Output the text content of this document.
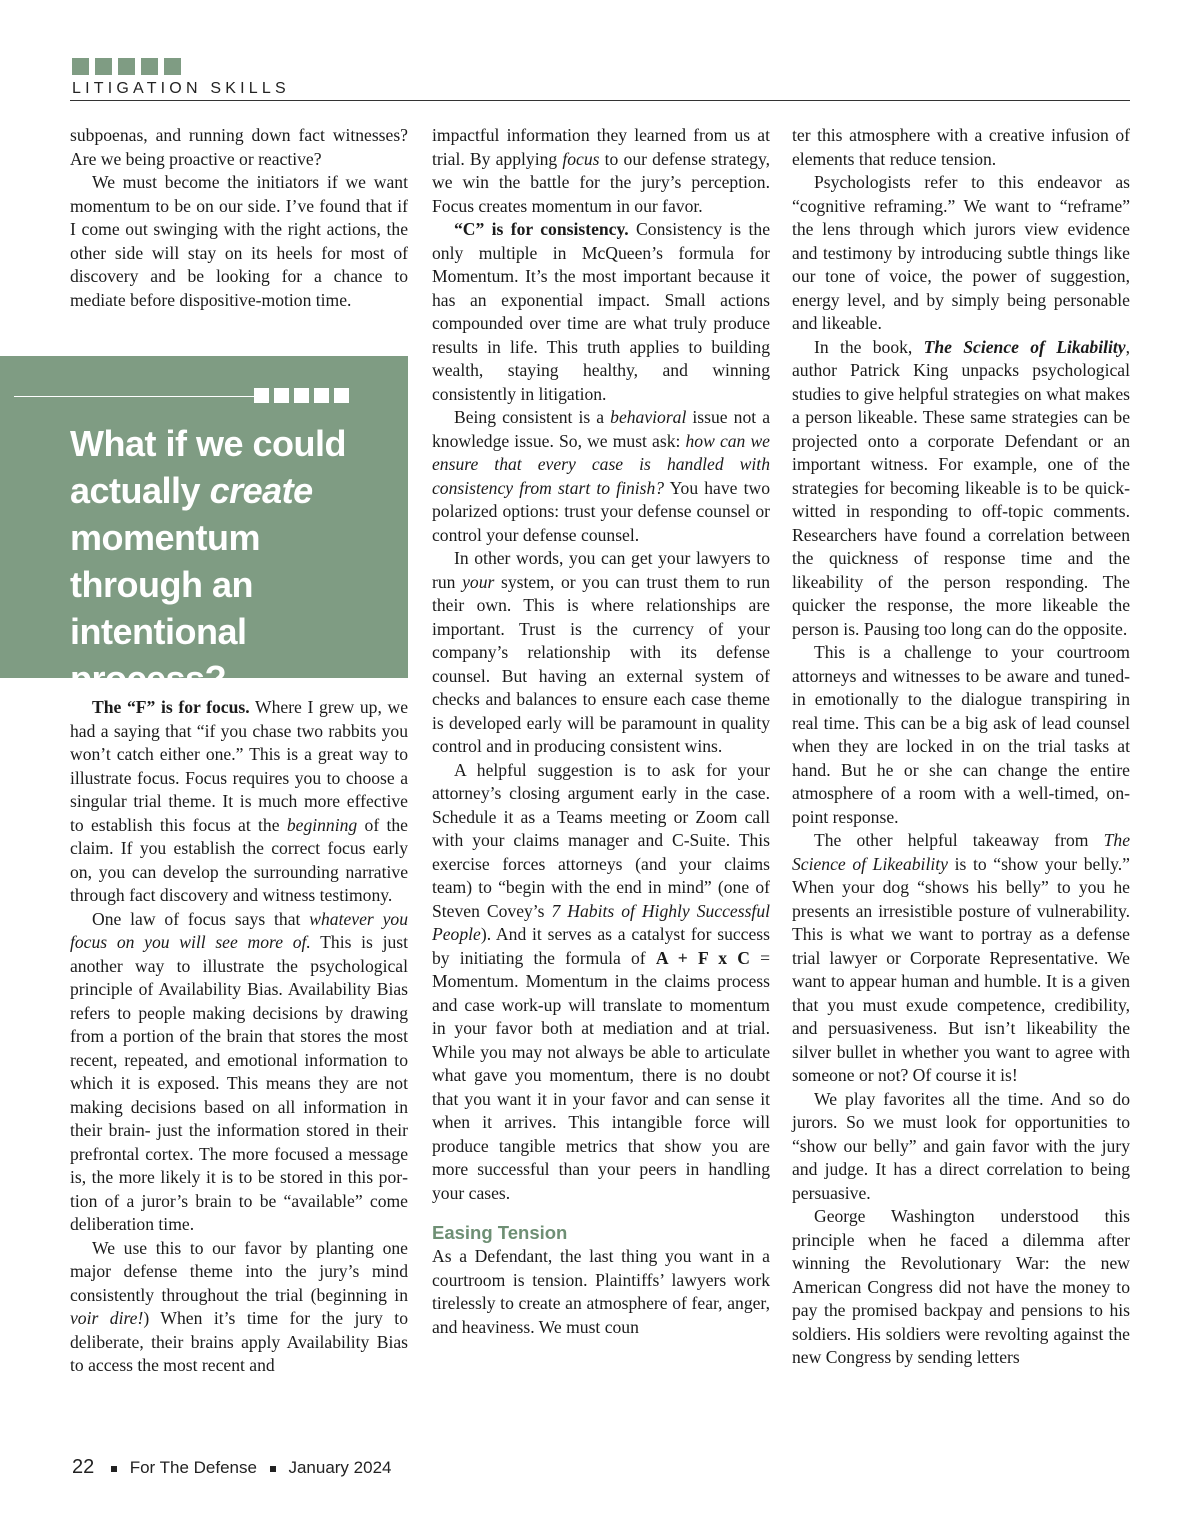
LITIGATION SKILLS

subpoenas, and running down fact witnesses? Are we being proactive or reactive?

We must become the initiators if we want momentum to be on our side. I’ve found that if I come out swinging with the right actions, the other side will stay on its heels for most of discovery and be looking for a chance to mediate before dispositive-motion time.

The “F” is for focus. Where I grew up, we had a saying that “if you chase two rabbits you won’t catch either one.” This is a great way to illustrate focus. Focus requires you to choose a singular trial theme. It is much more effective to establish this focus at the beginning of the claim. If you establish the correct focus early on, you can develop the surrounding narrative through fact discovery and witness testimony.

One law of focus says that whatever you focus on you will see more of. This is just another way to illustrate the psychological principle of Availability Bias. Availability Bias refers to people making decisions by drawing from a portion of the brain that stores the most recent, repeated, and emotional information to which it is exposed. This means they are not making decisions based on all information in their brain- just the information stored in their prefrontal cortex. The more focused a message is, the more likely it is to be stored in this portion of a juror’s brain to be “available” come deliberation time.

We use this to our favor by planting one major defense theme into the jury’s mind consistently throughout the trial (beginning in voir dire!) When it’s time for the jury to deliberate, their brains apply Availability Bias to access the most recent and

What if we could actually create momentum through an intentional process?

impactful information they learned from us at trial. By applying focus to our defense strategy, we win the battle for the jury’s perception. Focus creates momentum in our favor.

“C” is for consistency. Consistency is the only multiple in McQueen’s formula for Momentum. It’s the most important because it has an exponential impact. Small actions compounded over time are what truly produce results in life. This truth applies to building wealth, staying healthy, and winning consistently in litigation.

Being consistent is a behavioral issue not a knowledge issue. So, we must ask: how can we ensure that every case is handled with consistency from start to finish? You have two polarized options: trust your defense counsel or control your defense counsel.

In other words, you can get your lawyers to run your system, or you can trust them to run their own. This is where relationships are important. Trust is the currency of your company’s relationship with its defense counsel. But having an external system of checks and balances to ensure each case theme is developed early will be paramount in quality control and in producing consistent wins.

A helpful suggestion is to ask for your attorney’s closing argument early in the case. Schedule it as a Teams meeting or Zoom call with your claims manager and C-Suite. This exercise forces attorneys (and your claims team) to “begin with the end in mind” (one of Steven Covey’s 7 Habits of Highly Successful People). And it serves as a catalyst for success by initiating the formula of A + F x C = Momentum. Momentum in the claims process and case work-up will translate to momentum in your favor both at mediation and at trial. While you may not always be able to articulate what gave you momentum, there is no doubt that you want it in your favor and can sense it when it arrives. This intangible force will produce tangible metrics that show you are more successful than your peers in handling your cases.

Easing Tension

As a Defendant, the last thing you want in a courtroom is tension. Plaintiffs’ lawyers work tirelessly to create an atmosphere of fear, anger, and heaviness. We must coun

ter this atmosphere with a creative infusion of elements that reduce tension.

Psychologists refer to this endeavor as “cognitive reframing.” We want to “reframe” the lens through which jurors view evidence and testimony by introducing subtle things like our tone of voice, the power of suggestion, energy level, and by simply being personable and likeable.

In the book, The Science of Likability, author Patrick King unpacks psychological studies to give helpful strategies on what makes a person likeable. These same strategies can be projected onto a corporate Defendant or an important witness. For example, one of the strategies for becoming likeable is to be quick-witted in responding to off-topic comments. Researchers have found a correlation between the quickness of response time and the likeability of the person responding. The quicker the response, the more likeable the person is. Pausing too long can do the opposite.

This is a challenge to your courtroom attorneys and witnesses to be aware and tuned-in emotionally to the dialogue transpiring in real time. This can be a big ask of lead counsel when they are locked in on the trial tasks at hand. But he or she can change the entire atmosphere of a room with a well-timed, on-point response.

The other helpful takeaway from The Science of Likeability is to “show your belly.” When your dog “shows his belly” to you he presents an irresistible posture of vulnerability. This is what we want to portray as a defense trial lawyer or Corporate Representative. We want to appear human and humble. It is a given that you must exude competence, credibility, and persuasiveness. But isn’t likeability the silver bullet in whether you want to agree with someone or not? Of course it is!

We play favorites all the time. And so do jurors. So we must look for opportunities to “show our belly” and gain favor with the jury and judge. It has a direct correlation to being persuasive.

George Washington understood this principle when he faced a dilemma after winning the Revolutionary War: the new American Congress did not have the money to pay the promised backpay and pensions to his soldiers. His soldiers were revolting against the new Congress by sending letters

22 For The Defense January 2024
